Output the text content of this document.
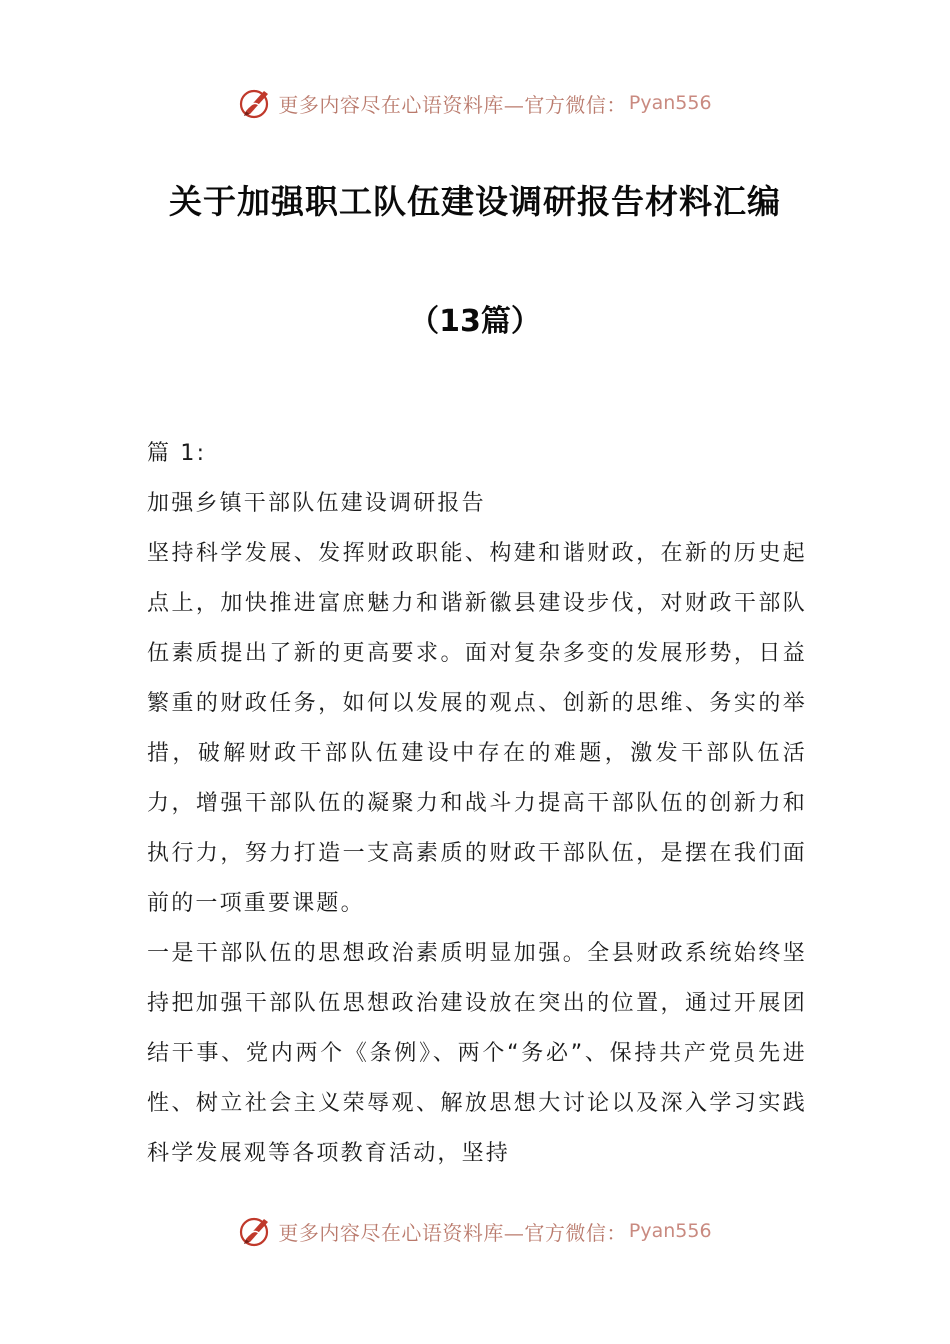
更多内容尽在心语资料库—官方微信： Pyan556
关于加强职工队伍建设调研报告材料汇编
（13篇）

篇 1:

加强乡镇干部队伍建设调研报告

坚持科学发展、发挥财政职能、构建和谐财政，在新的历史起点上，加快推进富庶魅力和谐新徽县建设步伐，对财政干部队伍素质提出了新的更高要求。面对复杂多变的发展形势，日益繁重的财政任务，如何以发展的观点、创新的思维、务实的举措，破解财政干部队伍建设中存在的难题，激发干部队伍活力，增强干部队伍的凝聚力和战斗力提高干部队伍的创新力和执行力，努力打造一支高素质的财政干部队伍，是摆在我们面前的一项重要课题。

一是干部队伍的思想政治素质明显加强。全县财政系统始终坚持把加强干部队伍思想政治建设放在突出的位置，通过开展团结干事、党内两个《条例》、两个“务必”、保持共产党员先进性、树立社会主义荣辱观、解放思想大讨论以及深入学习实践科学发展观等各项教育活动，坚持

更多内容尽在心语资料库—官方微信： Pyan556
